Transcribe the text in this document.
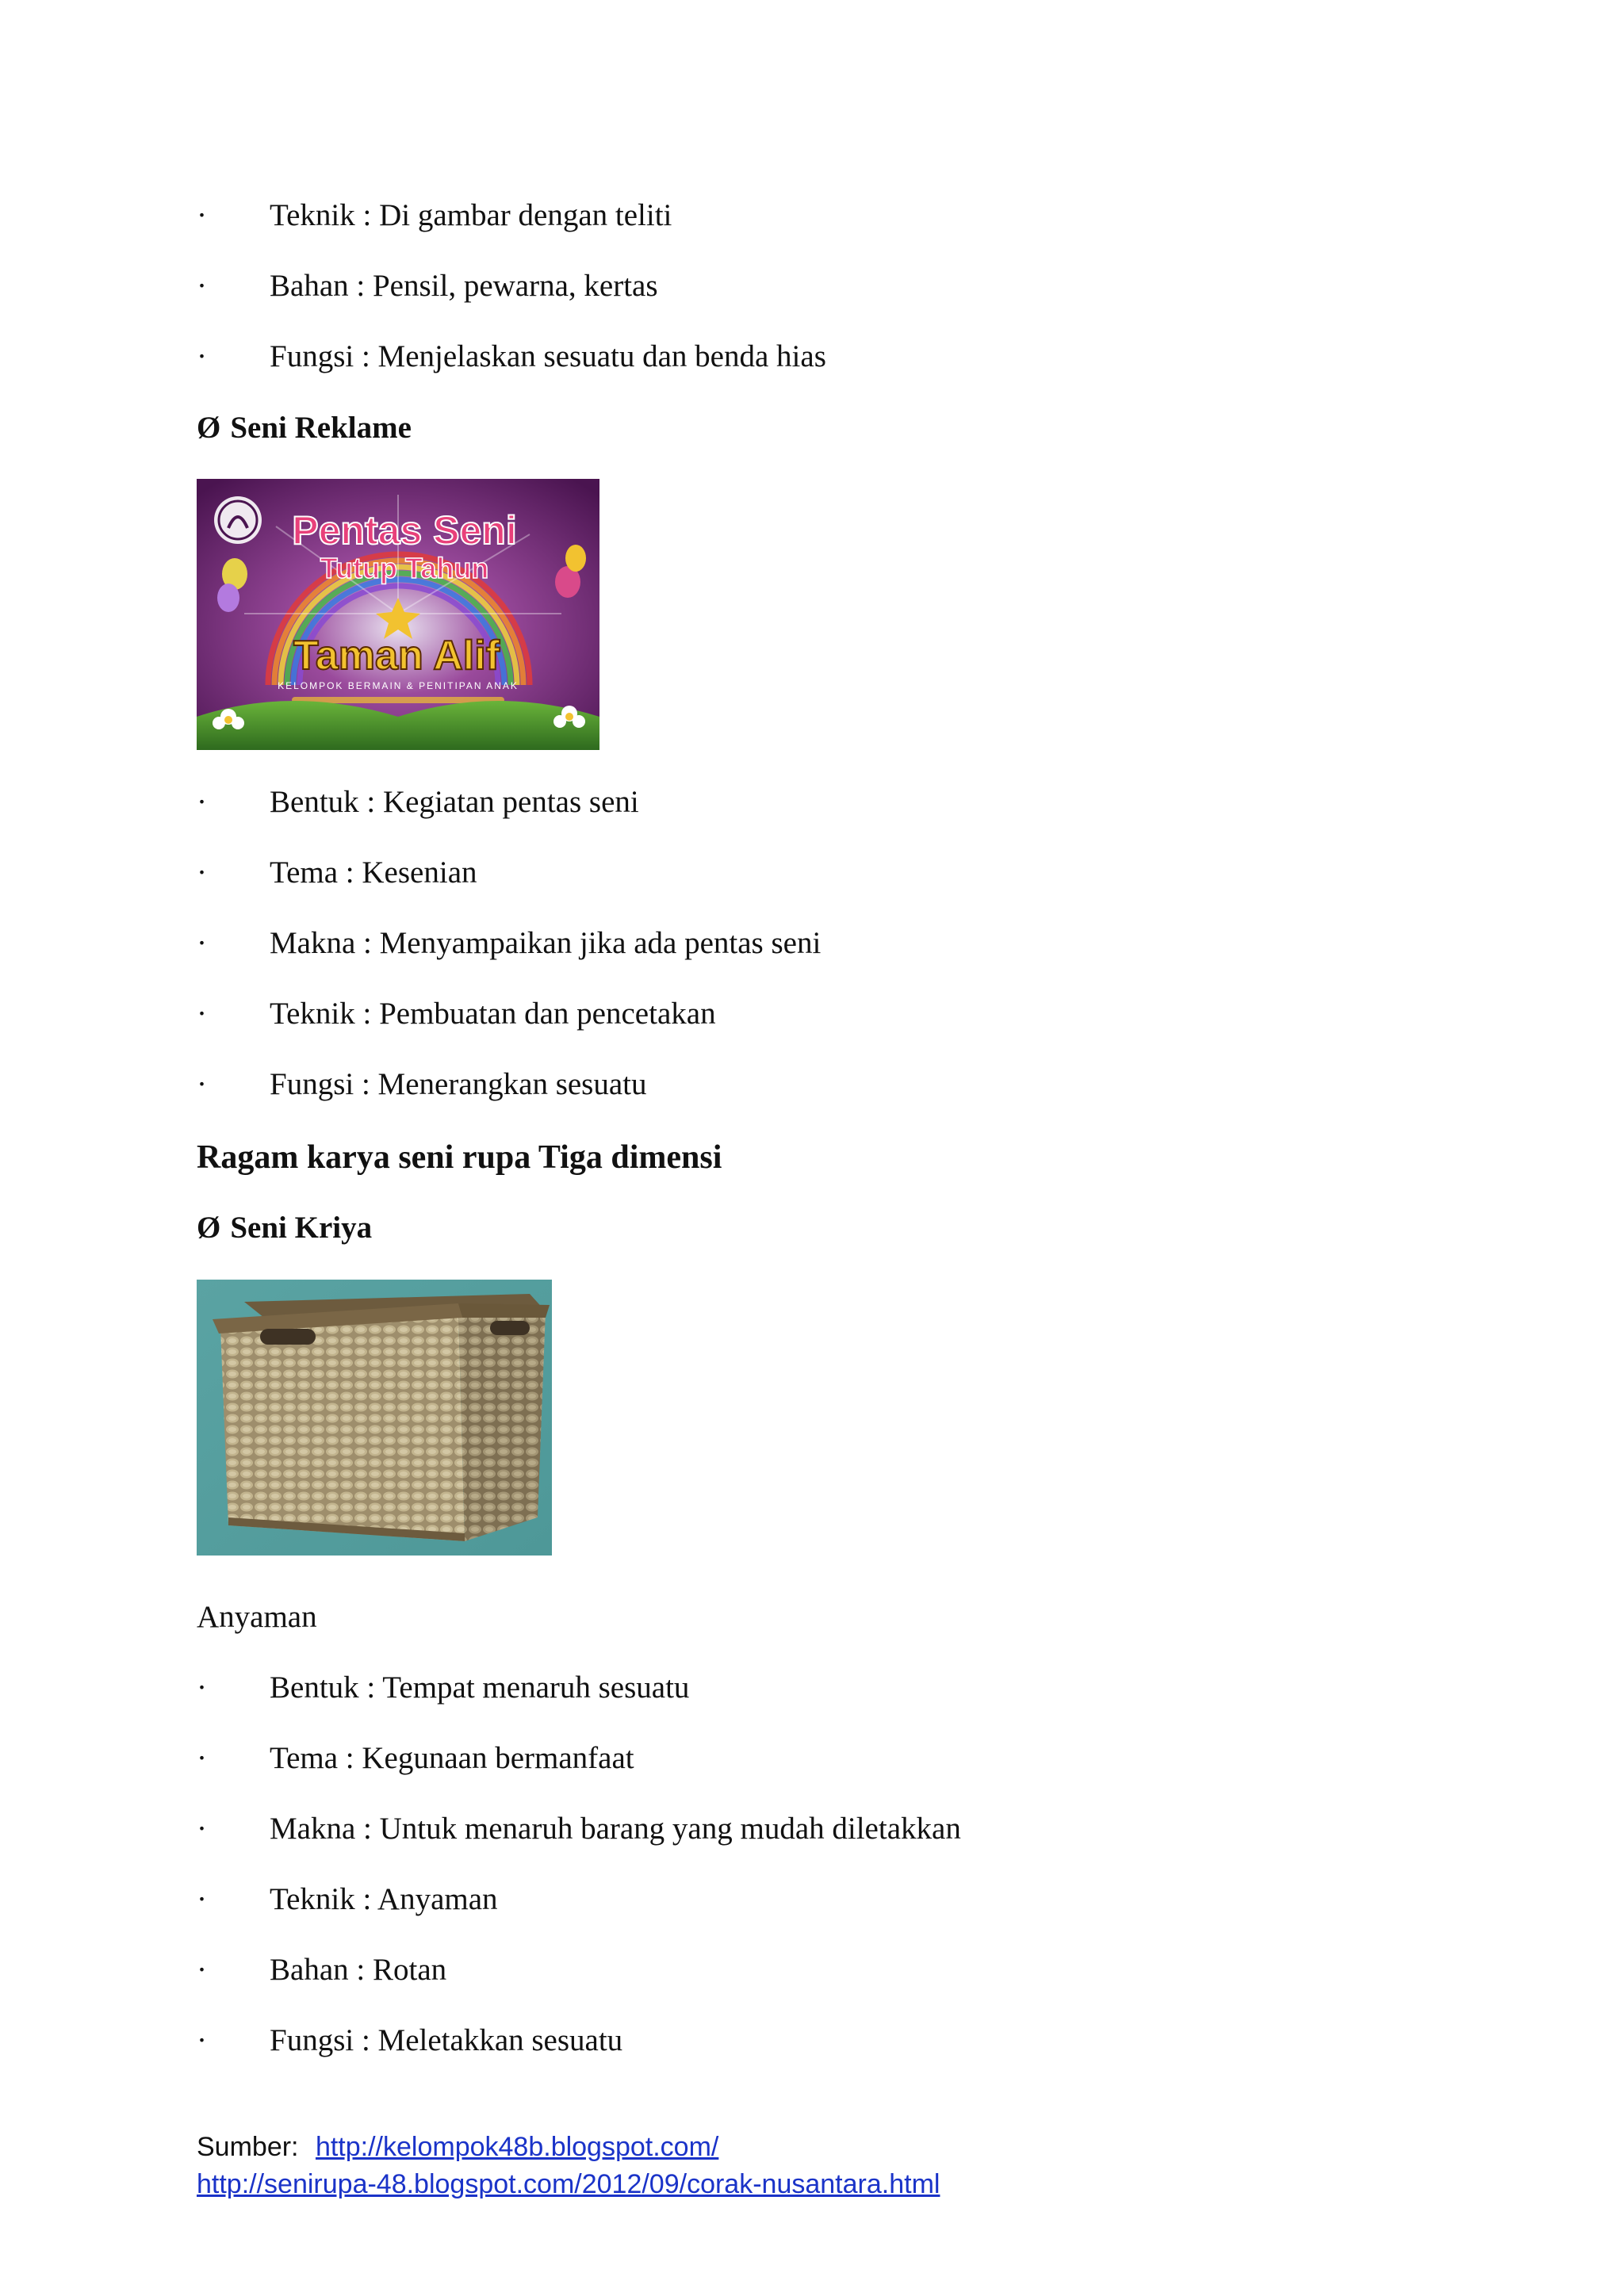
· Teknik : Di gambar dengan teliti
· Bahan : Pensil, pewarna, kertas
· Fungsi : Menjelaskan sesuatu dan benda hias
Ø Seni Reklame
Pentas Seni
Tutup Tahun
Taman Alif
KELOMPOK BERMAIN & PENITIPAN ANAK
· Bentuk : Kegiatan pentas seni
· Tema : Kesenian
· Makna : Menyampaikan jika ada pentas seni
· Teknik : Pembuatan dan pencetakan
· Fungsi : Menerangkan sesuatu
Ragam karya seni rupa Tiga dimensi
Ø Seni Kriya
Anyaman
· Bentuk : Tempat menaruh sesuatu
· Tema : Kegunaan bermanfaat
· Makna : Untuk menaruh barang yang mudah diletakkan
· Teknik : Anyaman
· Bahan : Rotan
· Fungsi : Meletakkan sesuatu
Sumber: http://kelompok48b.blogspot.com/
http://senirupa-48.blogspot.com/2012/09/corak-nusantara.html
